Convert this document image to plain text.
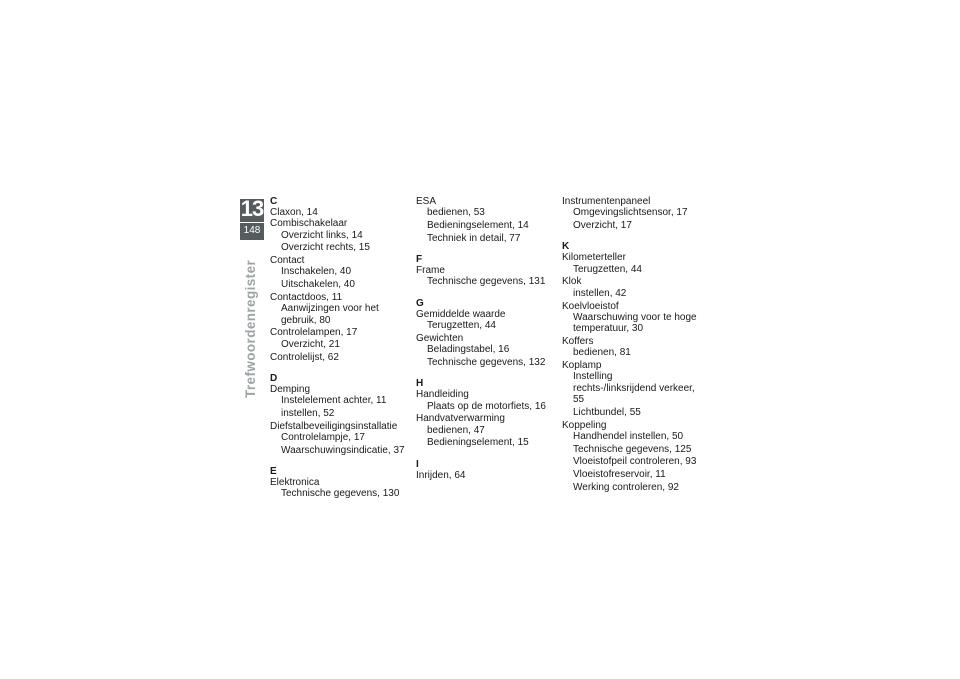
13
148
Trefwoordenregister
C
Claxon, 14
Combischakelaar
Overzicht links, 14
Overzicht rechts, 15
Contact
Inschakelen, 40
Uitschakelen, 40
Contactdoos, 11
Aanwijzingen voor het gebruik, 80
Controlelampen, 17
Overzicht, 21
Controlelijst, 62
D
Demping
Instelelement achter, 11
instellen, 52
Diefstalbeveiligingsinstallatie
Controlelampje, 17
Waarschuwingsindicatie, 37
E
Elektronica
Technische gegevens, 130
ESA
bedienen, 53
Bedieningselement, 14
Techniek in detail, 77
F
Frame
Technische gegevens, 131
G
Gemiddelde waarde
Terugzetten, 44
Gewichten
Beladingstabel, 16
Technische gegevens, 132
H
Handleiding
Plaats op de motorfiets, 16
Handvatverwarming
bedienen, 47
Bedieningselement, 15
I
Inrijden, 64
Instrumentenpaneel
Omgevingslichtsensor, 17
Overzicht, 17
K
Kilometerteller
Terugzetten, 44
Klok
instellen, 42
Koelvloeistof
Waarschuwing voor te hoge temperatuur, 30
Koffers
bedienen, 81
Koplamp
Instelling rechts-/linksrijdend verkeer, 55
Lichtbundel, 55
Koppeling
Handhendel instellen, 50
Technische gegevens, 125
Vloeistofpeil controleren, 93
Vloeistofreservoir, 11
Werking controleren, 92
